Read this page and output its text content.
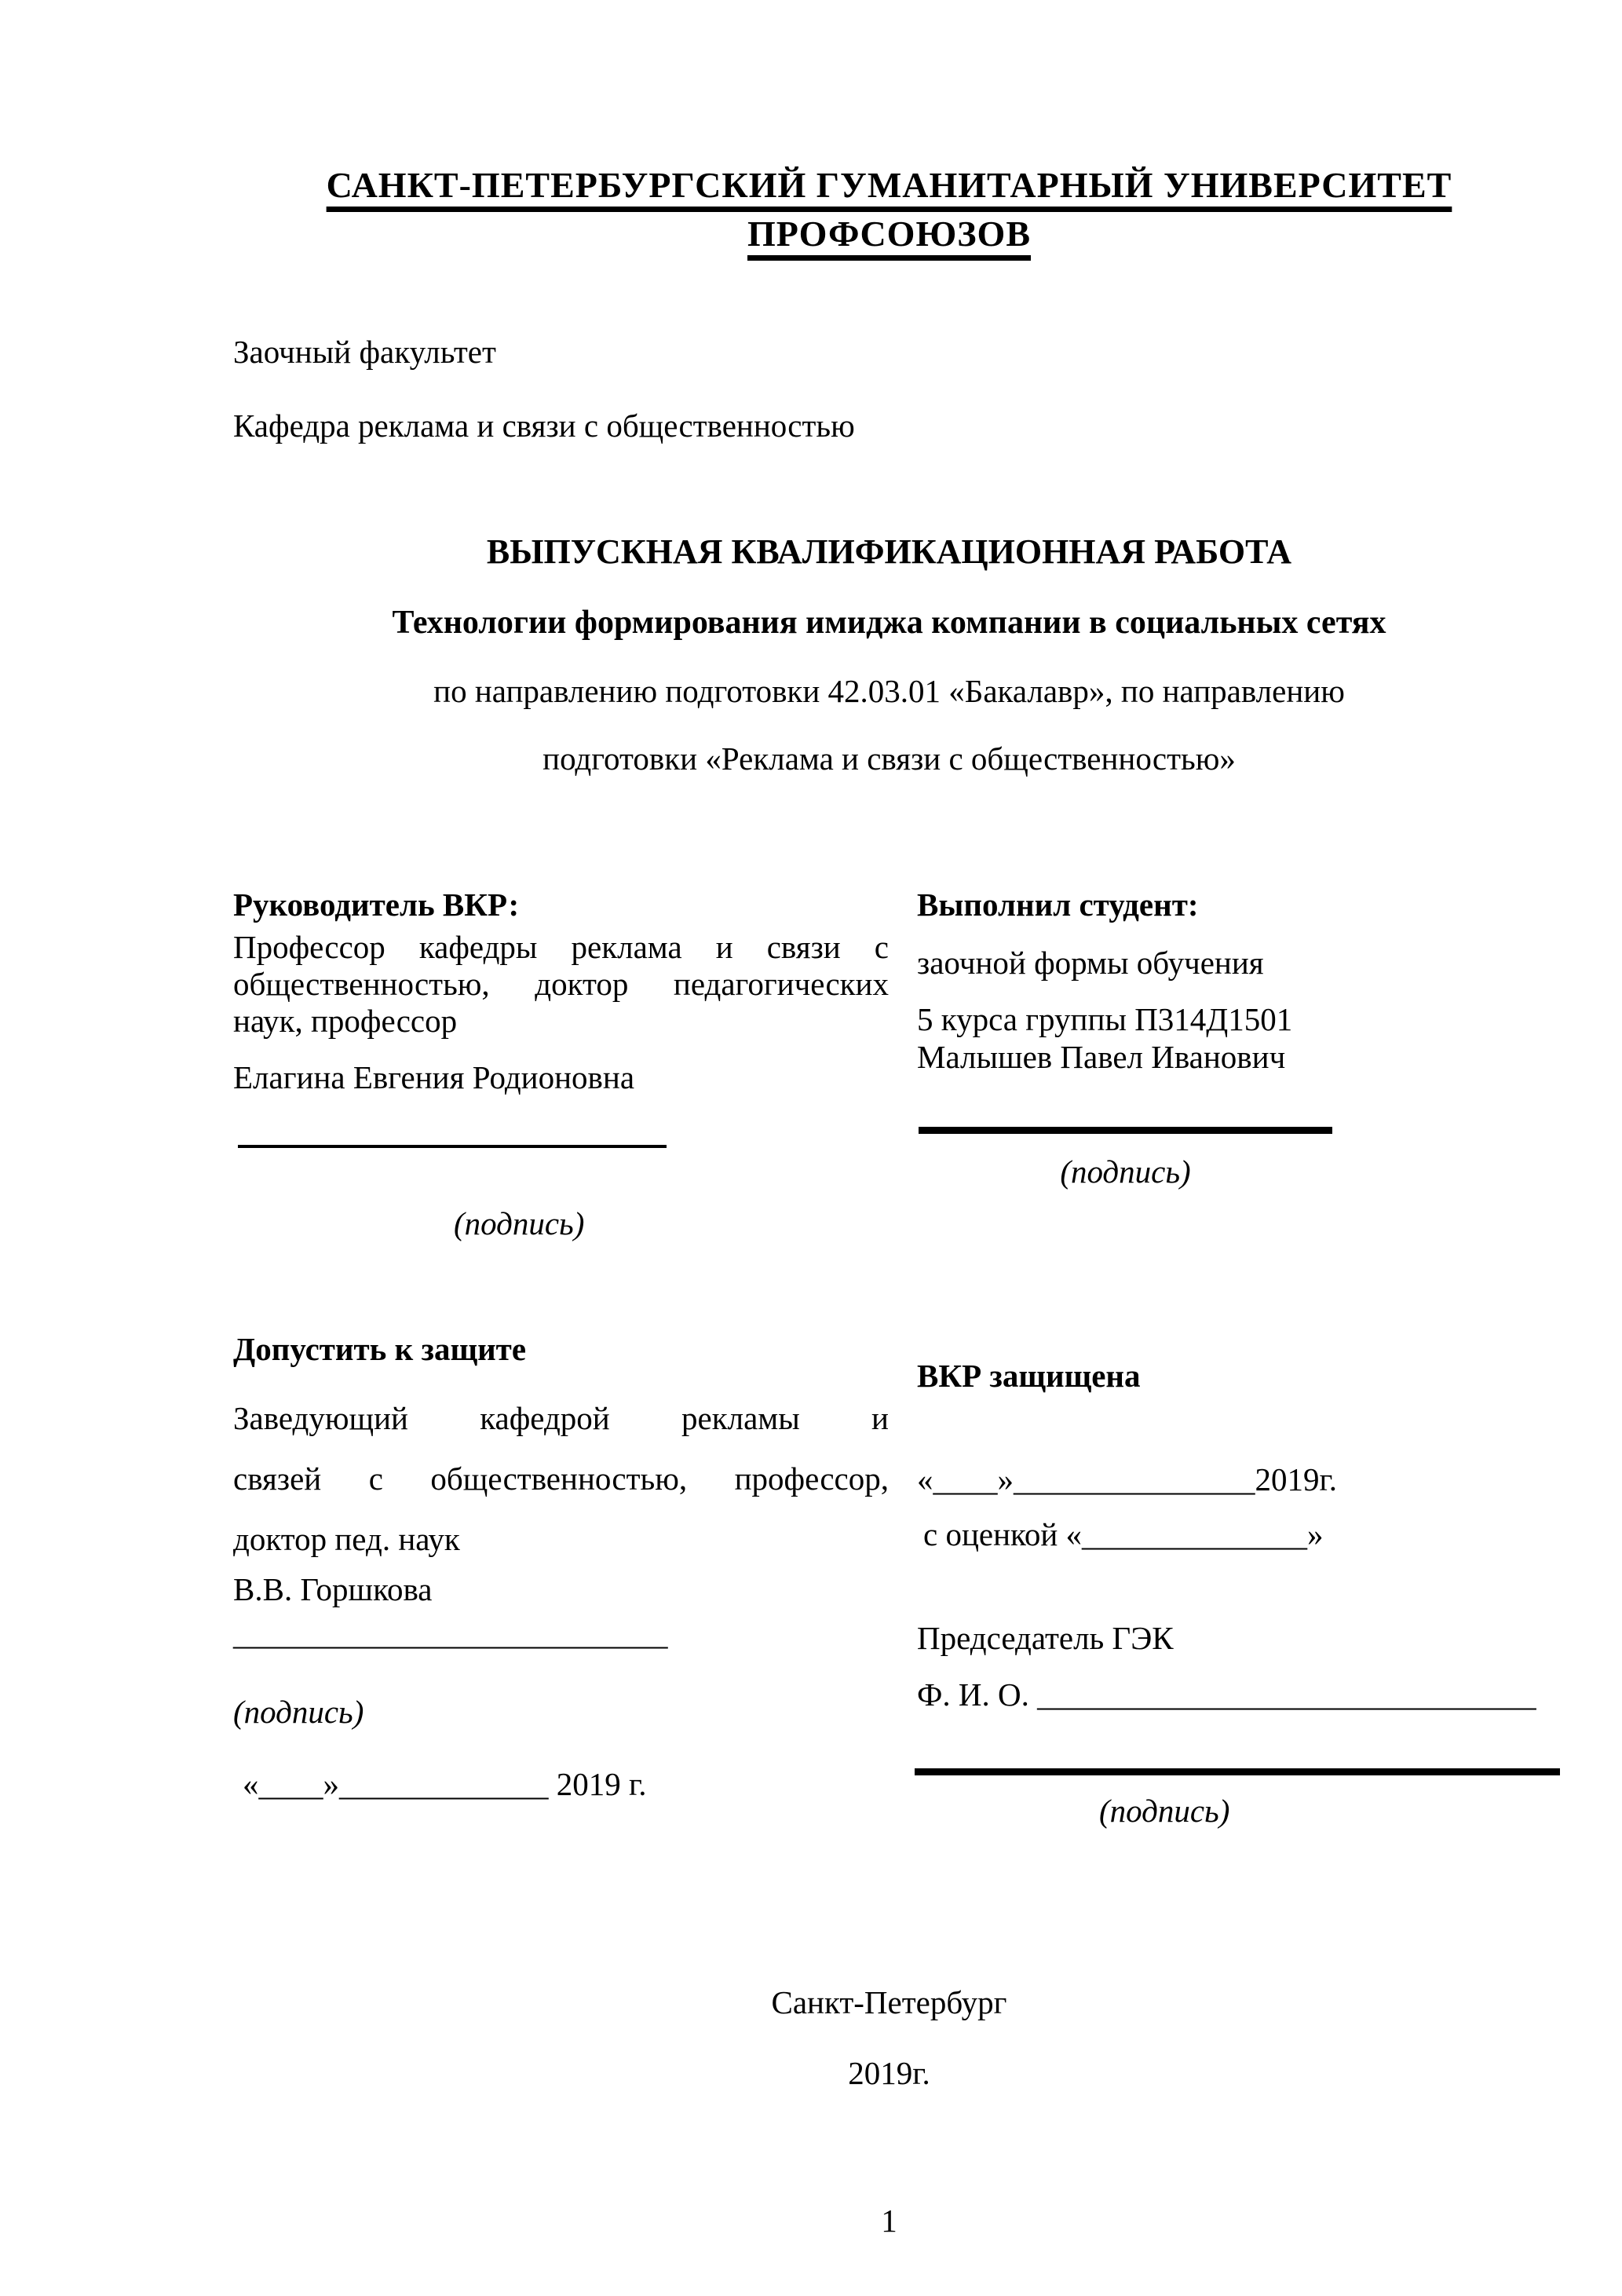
САНКТ-ПЕТЕРБУРГСКИЙ ГУМАНИТАРНЫЙ УНИВЕРСИТЕТ
ПРОФСОЮЗОВ

Заочный факультет

Кафедра реклама и связи с общественностью

ВЫПУСКНАЯ КВАЛИФИКАЦИОННАЯ РАБОТА

Технологии формирования имиджа компании в социальных сетях

по направлению подготовки 42.03.01 «Бакалавр», по направлению

подготовки «Реклама и связи с общественностью»

Руководитель ВКР:

Профессор кафедры реклама и связи с
общественностью, доктор педагогических
наук, профессор

Елагина Евгения Родионовна

(подпись)

Выполнил студент:

заочной формы обучения

5 курса группы П314Д1501

Малышев Павел Иванович

(подпись)

Допустить к защите

Заведующий кафедрой рекламы и
связей с общественностью, профессор,
доктор пед. наук

В.В. Горшкова

___________________________

(подпись)

«____»_____________ 2019 г.

ВКР защищена

«____»_______________2019г.

с оценкой «______________»

Председатель ГЭК

Ф. И. О. _______________________________

(подпись)

Санкт-Петербург

2019г.

1
